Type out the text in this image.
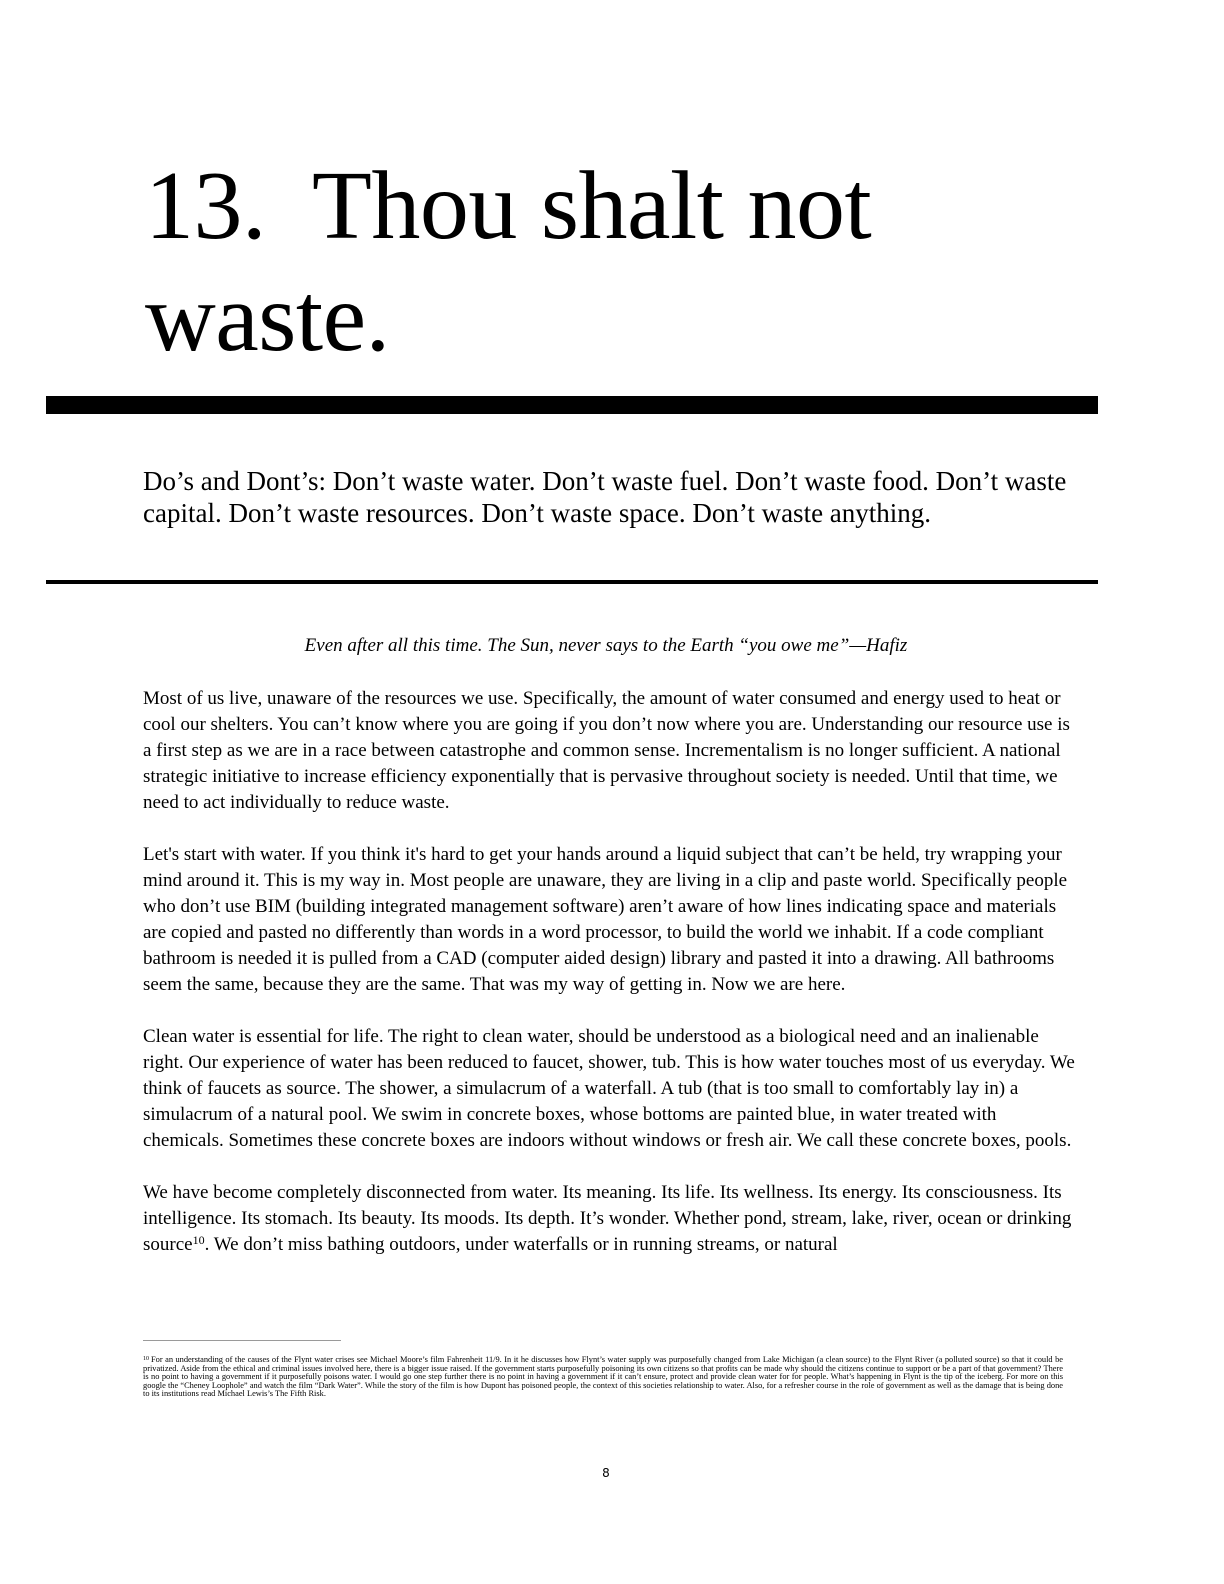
13. Thou shalt not waste.

Do’s and Dont’s: Don’t waste water. Don’t waste fuel. Don’t waste food. Don’t waste capital. Don’t waste resources. Don’t waste space. Don’t waste anything.

Even after all this time. The Sun, never says to the Earth “you owe me”—Hafiz

Most of us live, unaware of the resources we use. Specifically, the amount of water consumed and energy used to heat or cool our shelters. You can’t know where you are going if you don’t now where you are. Understanding our resource use is a first step as we are in a race between catastrophe and common sense. Incrementalism is no longer sufficient. A national strategic initiative to increase efficiency exponentially that is pervasive throughout society is needed. Until that time, we need to act individually to reduce waste.

Let's start with water. If you think it's hard to get your hands around a liquid subject that can’t be held, try wrapping your mind around it. This is my way in. Most people are unaware, they are living in a clip and paste world. Specifically people who don’t use BIM (building integrated management software) aren’t aware of how lines indicating space and materials are copied and pasted no differently than words in a word processor, to build the world we inhabit. If a code compliant bathroom is needed it is pulled from a CAD (computer aided design) library and pasted it into a drawing. All bathrooms seem the same, because they are the same. That was my way of getting in. Now we are here.

Clean water is essential for life. The right to clean water, should be understood as a biological need and an inalienable right. Our experience of water has been reduced to faucet, shower, tub. This is how water touches most of us everyday. We think of faucets as source. The shower, a simulacrum of a waterfall. A tub (that is too small to comfortably lay in) a simulacrum of a natural pool. We swim in concrete boxes, whose bottoms are painted blue, in water treated with chemicals. Sometimes these concrete boxes are indoors without windows or fresh air. We call these concrete boxes, pools.

We have become completely disconnected from water. Its meaning. Its life. Its wellness. Its energy. Its consciousness. Its intelligence. Its stomach. Its beauty. Its moods. Its depth. It’s wonder. Whether pond, stream, lake, river, ocean or drinking source$^{10}$. We don’t miss bathing outdoors, under waterfalls or in running streams, or natural

$^{10}$ For an understanding of the causes of the Flynt water crises see Michael Moore’s film Fahrenheit 11/9. In it he discusses how Flynt’s water supply was purposefully changed from Lake Michigan (a clean source) to the Flynt River (a polluted source) so that it could be privatized. Aside from the ethical and criminal issues involved here, there is a bigger issue raised. If the government starts purposefully poisoning its own citizens so that profits can be made why should the citizens continue to support or be a part of that government? There is no point to having a government if it purposefully poisons water. I would go one step further there is no point in having a government if it can’t ensure, protect and provide clean water for for people. What’s happening in Flynt is the tip of the iceberg. For more on this google the “Cheney Loophole” and watch the film “Dark Water”. While the story of the film is how Dupont has poisoned people, the context of this societies relationship to water. Also, for a refresher course in the role of government as well as the damage that is being done to its institutions read Michael Lewis’s The Fifth Risk.

8
